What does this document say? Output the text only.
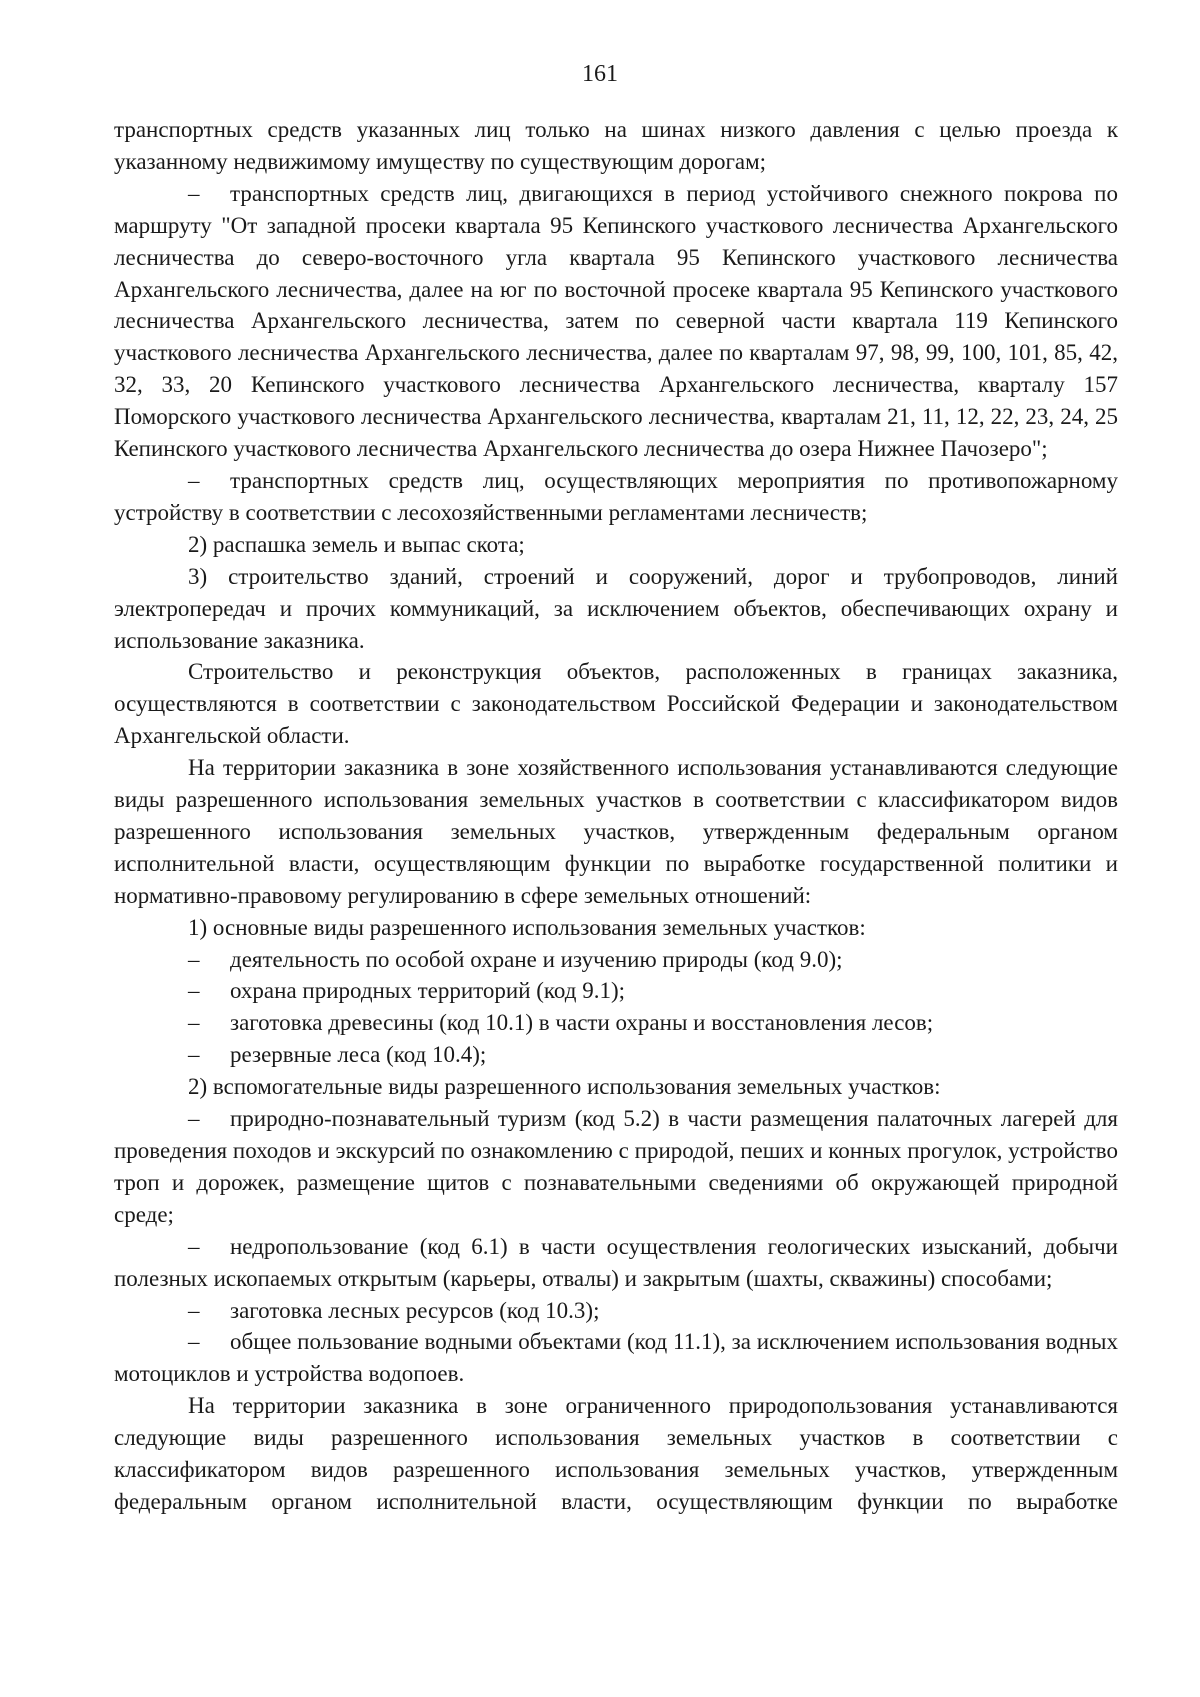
161

транспортных средств указанных лиц только на шинах низкого давления с целью проезда к указанному недвижимому имуществу по существующим дорогам;

– транспортных средств лиц, двигающихся в период устойчивого снежного покрова по маршруту "От западной просеки квартала 95 Кепинского участкового лесничества Архангельского лесничества до северо-восточного угла квартала 95 Кепинского участкового лесничества Архангельского лесничества, далее на юг по восточной просеке квартала 95 Кепинского участкового лесничества Архангельского лесничества, затем по северной части квартала 119 Кепинского участкового лесничества Архангельского лесничества, далее по кварталам 97, 98, 99, 100, 101, 85, 42, 32, 33, 20 Кепинского участкового лесничества Архангельского лесничества, кварталу 157 Поморского участкового лесничества Архангельского лесничества, кварталам 21, 11, 12, 22, 23, 24, 25 Кепинского участкового лесничества Архангельского лесничества до озера Нижнее Пачозеро";

– транспортных средств лиц, осуществляющих мероприятия по противопожарному устройству в соответствии с лесохозяйственными регламентами лесничеств;

2) распашка земель и выпас скота;

3) строительство зданий, строений и сооружений, дорог и трубопроводов, линий электропередач и прочих коммуникаций, за исключением объектов, обеспечивающих охрану и использование заказника.

Строительство и реконструкция объектов, расположенных в границах заказника, осуществляются в соответствии с законодательством Российской Федерации и законодательством Архангельской области.

На территории заказника в зоне хозяйственного использования устанавливаются следующие виды разрешенного использования земельных участков в соответствии с классификатором видов разрешенного использования земельных участков, утвержденным федеральным органом исполнительной власти, осуществляющим функции по выработке государственной политики и нормативно-правовому регулированию в сфере земельных отношений:

1) основные виды разрешенного использования земельных участков:

– деятельность по особой охране и изучению природы (код 9.0);

– охрана природных территорий (код 9.1);

– заготовка древесины (код 10.1) в части охраны и восстановления лесов;

– резервные леса (код 10.4);

2) вспомогательные виды разрешенного использования земельных участков:

– природно-познавательный туризм (код 5.2) в части размещения палаточных лагерей для проведения походов и экскурсий по ознакомлению с природой, пеших и конных прогулок, устройство троп и дорожек, размещение щитов с познавательными сведениями об окружающей природной среде;

– недропользование (код 6.1) в части осуществления геологических изысканий, добычи полезных ископаемых открытым (карьеры, отвалы) и закрытым (шахты, скважины) способами;

– заготовка лесных ресурсов (код 10.3);

– общее пользование водными объектами (код 11.1), за исключением использования водных мотоциклов и устройства водопоев.

На территории заказника в зоне ограниченного природопользования устанавливаются следующие виды разрешенного использования земельных участков в соответствии с классификатором видов разрешенного использования земельных участков, утвержденным федеральным органом исполнительной власти, осуществляющим функции по выработке
